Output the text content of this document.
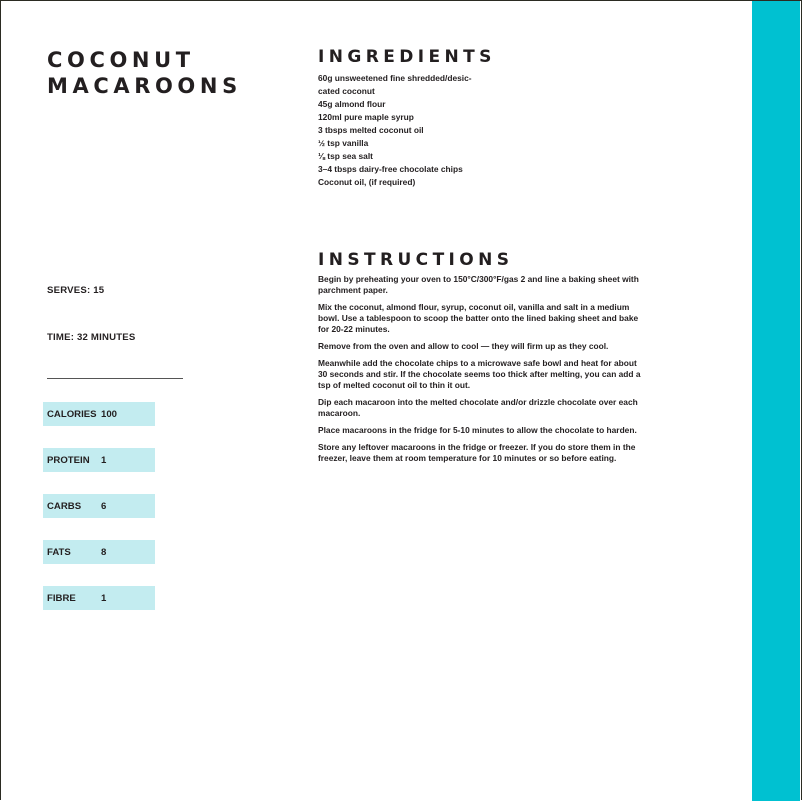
COCONUT
MACAROONS
INGREDIENTS
60g unsweetened fine shredded/desic-
cated coconut
45g almond flour
120ml pure maple syrup
3 tbsps melted coconut oil
½ tsp vanilla
⅛ tsp sea salt
3–4 tbsps dairy-free chocolate chips
Coconut oil, (if required)
INSTRUCTIONS
Begin by preheating your oven to 150°C/300°F/gas 2 and line a baking sheet with parchment paper.
Mix the coconut, almond flour, syrup, coconut oil, vanilla and salt in a medium bowl. Use a tablespoon to scoop the batter onto the lined baking sheet and bake for 20-22 minutes.
Remove from the oven and allow to cool — they will firm up as they cool.
Meanwhile add the chocolate chips to a microwave safe bowl and heat for about 30 seconds and stir. If the chocolate seems too thick after melting, you can add a tsp of melted coconut oil to thin it out.
Dip each macaroon into the melted chocolate and/or drizzle chocolate over each macaroon.
Place macaroons in the fridge for 5-10 minutes to allow the chocolate to harden.
Store any leftover macaroons in the fridge or freezer. If you do store them in the freezer, leave them at room temperature for 10 minutes or so before eating.
SERVES: 15
TIME: 32 MINUTES
CALORIES 100
PROTEIN	1
CARBS	6
FATS	8
FIBRE	1
